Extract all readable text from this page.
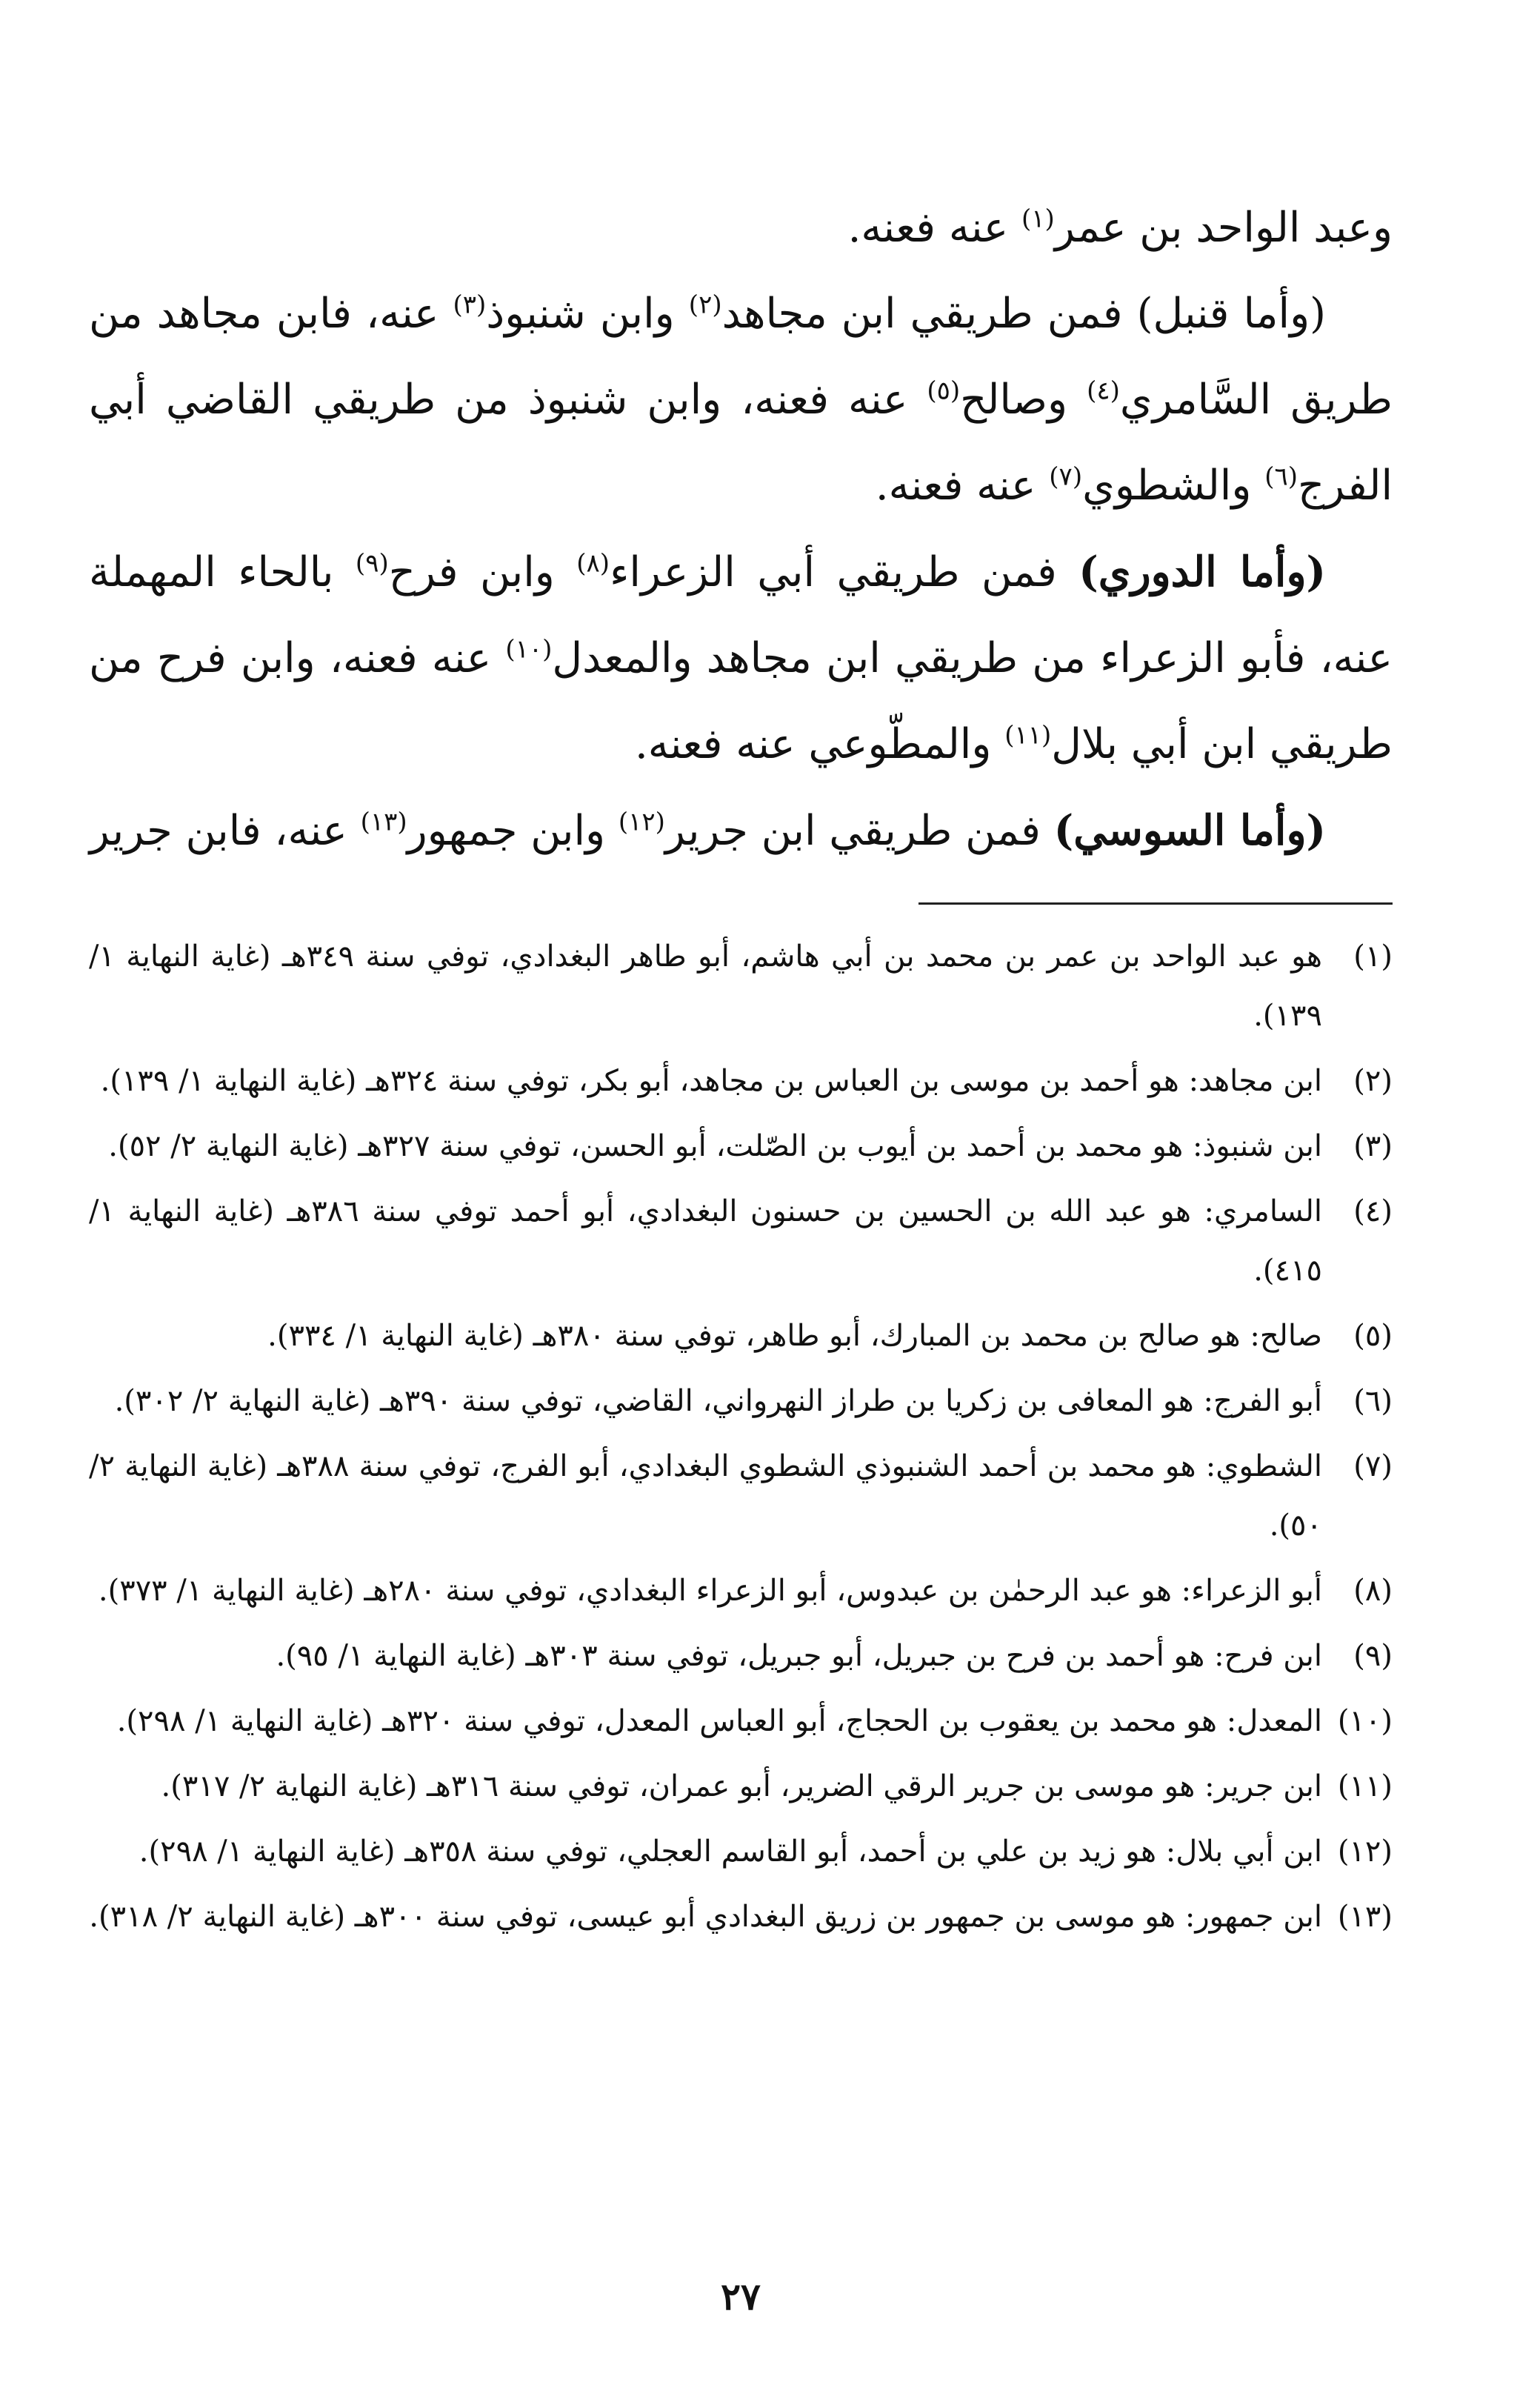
وعبد الواحد بن عمر$^{(١)}$ عنه فعنه.

(وأما قنبل) فمن طريقي ابن مجاهد$^{(٢)}$ وابن شنبوذ$^{(٣)}$ عنه، فابن مجاهد من طريق السَّامري$^{(٤)}$ وصالح$^{(٥)}$ عنه فعنه، وابن شنبوذ من طريقي القاضي أبي الفرج$^{(٦)}$ والشطوي$^{(٧)}$ عنه فعنه.

(وأما الدوري) فمن طريقي أبي الزعراء$^{(٨)}$ وابن فرح$^{(٩)}$ بالحاء المهملة عنه، فأبو الزعراء من طريقي ابن مجاهد والمعدل$^{(١٠)}$ عنه فعنه، وابن فرح من طريقي ابن أبي بلال$^{(١١)}$ والمطّوعي عنه فعنه.

(وأما السوسي) فمن طريقي ابن جرير$^{(١٢)}$ وابن جمهور$^{(١٣)}$ عنه، فابن جرير

(١)
هو عبد الواحد بن عمر بن محمد بن أبي هاشم، أبو طاهر البغدادي، توفي سنة ٣٤٩هـ (غاية النهاية ١/ ١٣٩).
(٢)
ابن مجاهد: هو أحمد بن موسى بن العباس بن مجاهد، أبو بكر، توفي سنة ٣٢٤هـ (غاية النهاية ١/ ١٣٩).
(٣)
ابن شنبوذ: هو محمد بن أحمد بن أيوب بن الصّلت، أبو الحسن، توفي سنة ٣٢٧هـ (غاية النهاية ٢/ ٥٢).
(٤)
السامري: هو عبد الله بن الحسين بن حسنون البغدادي، أبو أحمد توفي سنة ٣٨٦هـ (غاية النهاية ١/ ٤١٥).
(٥)
صالح: هو صالح بن محمد بن المبارك، أبو طاهر، توفي سنة ٣٨٠هـ (غاية النهاية ١/ ٣٣٤).
(٦)
أبو الفرج: هو المعافى بن زكريا بن طراز النهرواني، القاضي، توفي سنة ٣٩٠هـ (غاية النهاية ٢/ ٣٠٢).
(٧)
الشطوي: هو محمد بن أحمد الشنبوذي الشطوي البغدادي، أبو الفرج، توفي سنة ٣٨٨هـ (غاية النهاية ٢/ ٥٠).
(٨)
أبو الزعراء: هو عبد الرحمٰن بن عبدوس، أبو الزعراء البغدادي، توفي سنة ٢٨٠هـ (غاية النهاية ١/ ٣٧٣).
(٩)
ابن فرح: هو أحمد بن فرح بن جبريل، أبو جبريل، توفي سنة ٣٠٣هـ (غاية النهاية ١/ ٩٥).
(١٠)
المعدل: هو محمد بن يعقوب بن الحجاج، أبو العباس المعدل، توفي سنة ٣٢٠هـ (غاية النهاية ١/ ٢٩٨).
(١١)
ابن جرير: هو موسى بن جرير الرقي الضرير، أبو عمران، توفي سنة ٣١٦هـ (غاية النهاية ٢/ ٣١٧).
(١٢)
ابن أبي بلال: هو زيد بن علي بن أحمد، أبو القاسم العجلي، توفي سنة ٣٥٨هـ (غاية النهاية ١/ ٢٩٨).
(١٣)
ابن جمهور: هو موسى بن جمهور بن زريق البغدادي أبو عيسى، توفي سنة ٣٠٠هـ (غاية النهاية ٢/ ٣١٨).
٢٧
